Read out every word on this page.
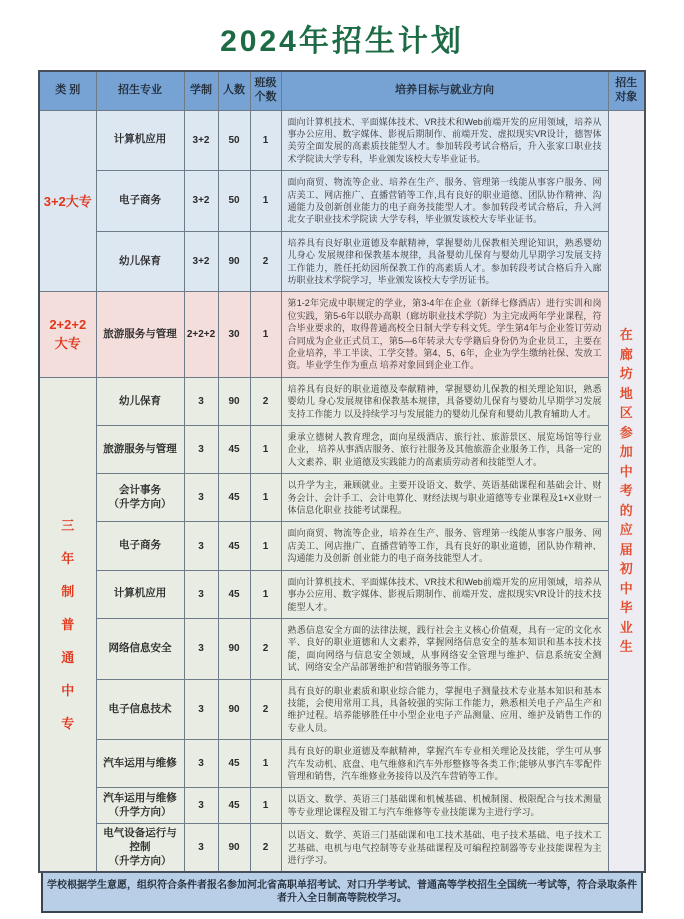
2024年招生计划
类 别	招生专业	学制	人数	班级个数	培养目标与就业方向	招生对象
3+2大专	计算机应用	3+2	50	1	面向计算机技术、平面媒体技术、VR技术和Web前端开发的应用领域，培养从事办公应用、数字媒体、影视后期制作、前端开发、虚拟现实VR设计，德智体美劳全面发展的高素质技能型人才。参加转段考试合格后，升入张家口职业技术学院读大学专科，毕业颁发该校大专毕业证书。	在廊坊地区参加中考的应届初中毕业生

	电子商务	3+2	50	1	面向商贸、物流等企业、培养在生产、服务、管理第一线能从事客户服务、网店美工、网店推广、直播营销等工作,具有良好的职业道德、团队协作精神、沟通能力及创新创业能力的电子商务技能型人才。参加转段考试合格后，升入河北女子职业技术学院读 大学专科，毕业颁发该校大专毕业证书。	
	幼儿保育	3+2	90	2	培养具有良好职业道德及奉献精神，掌握婴幼儿保教相关理论知识，熟悉婴幼儿身心 发展规律和保教基本规律，具备婴幼儿保育与婴幼儿早期学习发展支持工作能力，胜任托幼园所保教工作的高素质人才。参加转段考试合格后升入廊坊职业技术学院学习，毕业颁发该校大专学历证书。	

2+2+2大专	旅游服务与管理	2+2+2	30	1	第1-2年完成中职规定的学业，第3-4年在企业（新绎七修酒店）进行实训和岗位实践，第5-6年以联办高职（廊坊职业技术学院）为主完成两年学业课程，符合毕业要求的，取得普通高校全日制大学专科文凭。学生第4年与企业签订劳动合同成为企业正式员工，第5—6年转录大专学籍后身份仍为企业员工，主要在企业培养，半工半读、工学交替。第4、5、6年，企业为学生缴纳社保、发放工资。毕业学生作为重点 培养对象回到企业工作。	

三年制普通中专	幼儿保育	3	90	2	培养具有良好的职业道德及奉献精神，掌握婴幼儿保教的相关理论知识，熟悉婴幼儿 身心发展规律和保教基本规律，具备婴幼儿保育与婴幼儿早期学习发展支持工作能力 以及持续学习与发展能力的婴幼儿保育和婴幼儿教育辅助人才。	
	旅游服务与管理	3	45	1	秉承立德树人教育理念，面向星级酒店、旅行社、旅游景区、展览场馆等行业企业， 培养从事酒店服务、旅行社服务及其他旅游企业服务工作，具备一定的人文素养、职 业道德及实践能力的高素质劳动者和技能型人才。	

	会计事务
（升学方向）	3	45	1	以升学为主，兼顾就业。主要开设语文、数学、英语基础课程和基础会计、财务会计、会计手工、会计电算化、财经法规与职业道德等专业课程及1+X业财一体信息化职业 技能考试课程。	
	电子商务	3	45	1	面向商贸、物流等企业，培养在生产、服务、管理第一线能从事客户服务、网店美工、网店推广、直播营销等工作，具有良好的职业道德，团队协作精神、沟通能力及创新 创业能力的电子商务技能型人才。	
	计算机应用	3	45	1	面向计算机技术、平面媒体技术、VR技术和Web前端开发的应用领域，培养从事办公应用、数字媒体、影视后期制作、前端开发、虚拟现实VR设计的技术技能型人才。	
	网络信息安全	3	90	2	熟悉信息安全方面的法律法规，践行社会主义核心价值观，具有一定的文化水平、良好的职业道德和人文素养，掌握网络信息安全的基本知识和基本技术技能，面向网络与信息安全领域，从事网络安全管理与维护、信息系统安全测试、网络安全产品部署维护和营销服务等工作。	
	电子信息技术	3	90	2	具有良好的职业素质和职业综合能力，掌握电子测量技术专业基本知识和基本技能，会使用常用工具，具备较强的实际工作能力，熟悉相关电子产品生产和维护过程。培养能够胜任中小型企业电子产品测量、应用、维护及销售工作的专业人员。	
	汽车运用与维修	3	45	1	具有良好的职业道德及奉献精神，掌握汽车专业相关理论及技能，学生可从事汽车发动机、底盘、电气维修和汽车外形整修等各类工作;能够从事汽车零配件管理和销售，汽车维修业务接待以及汽车营销等工作。	

	汽车运用与维修
（升学方向）	3	45	1	以语文、数学、英语三门基础课和机械基础、机械制图、极限配合与技术测量等专业理论课程及钳工与汽车维修等专业技能课为主进行学习。	

	电气设备运行与控制
（升学方向）	3	90	2	以语文、数学、英语三门基础课和电工技术基础、电子技术基础、电子技术工艺基础、电机与电气控制等专业基础课程及可编程控制器等专业技能课程为主进行学习。	
学校根据学生意愿，组织符合条件者报名参加河北省高职单招考试、对口升学考试、普通高等学校招生全国统一考试等，符合录取条件者升入全日制高等院校学习。
